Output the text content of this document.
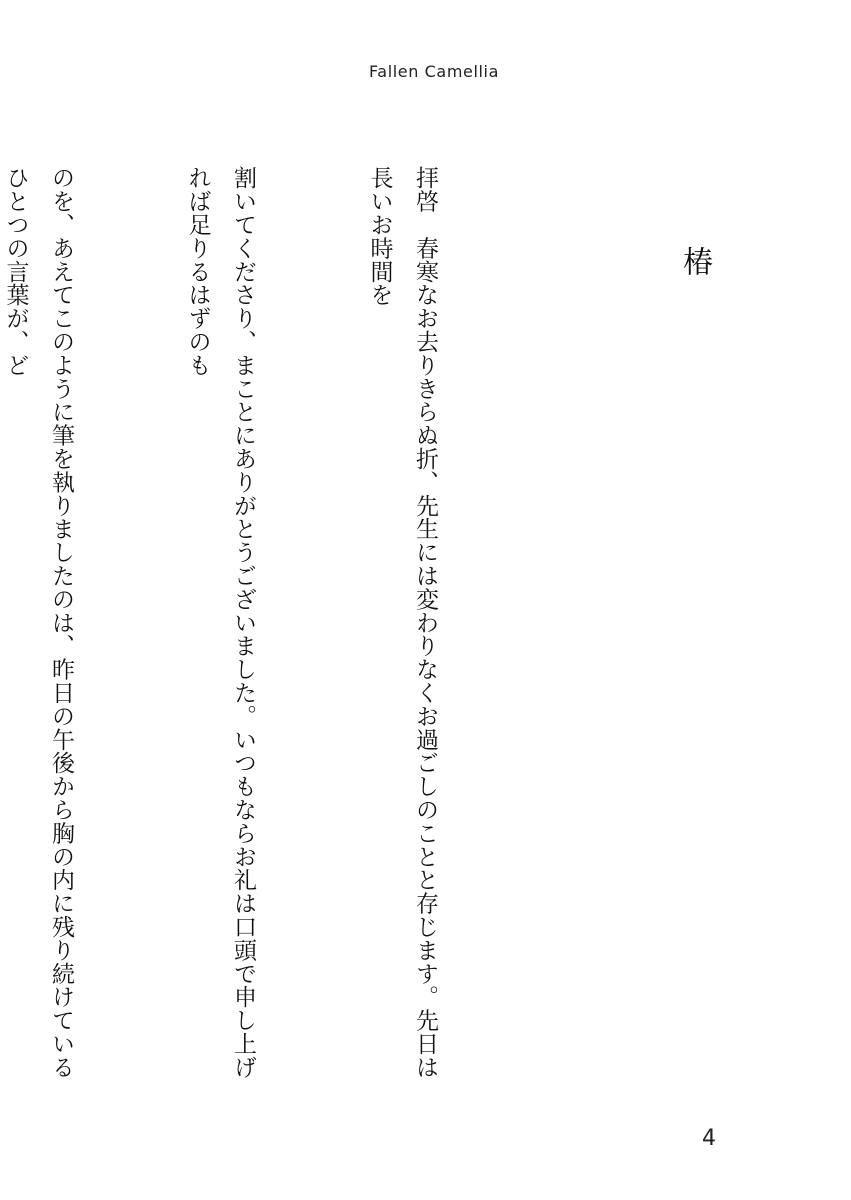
Fallen Camellia
椿

拝啓　春寒なお去りきらぬ折、先生には変わりなくお過ごしのことと存じます。先日は長いお時間を

割いてくださり、まことにありがとうございました。いつもならお礼は口頭で申し上げれば足りるはずのも

のを、あえてこのように筆を執りましたのは、昨日の午後から胸の内に残り続けているひとつの言葉が、ど

4
